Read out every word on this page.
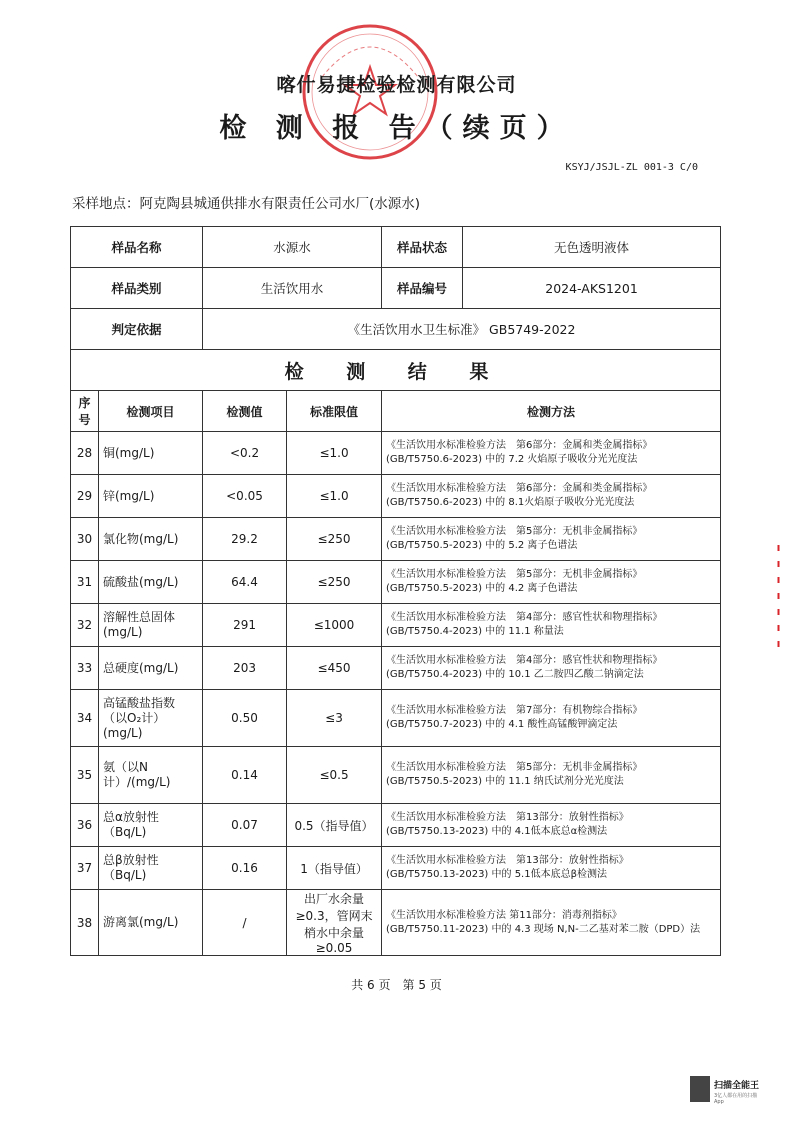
喀什易捷检验检测有限公司
检 测 报 告（续页）
KSYJ/JSJL-ZL 001-3 C/0
采样地点：阿克陶县城通供排水有限责任公司水厂(水源水)
样品名称		水源水		样品状态 无色透明液体

样品类别		生活饮用水		样品编号 2024-AKS1201

判定依据		《生活饮用水卫生标准》 GB5749-2022		
检 测 结 果				
序号	检测项目	检测值	标准限值	检测方法
28	铜(mg/L)	<0.2	≤1.0	《生活饮用水标准检验方法　第6部分：金属和类金属指标》
(GB/T5750.6-2023) 中的 7.2 火焰原子吸收分光光度法

29	锌(mg/L)	<0.05	≤1.0	《生活饮用水标准检验方法　第6部分：金属和类金属指标》
(GB/T5750.6-2023) 中的 8.1火焰原子吸收分光光度法

30	氯化物(mg/L)	29.2	≤250	《生活饮用水标准检验方法　第5部分：无机非金属指标》
(GB/T5750.5-2023) 中的 5.2 离子色谱法

31	硫酸盐(mg/L)	64.4	≤250	《生活饮用水标准检验方法　第5部分：无机非金属指标》
(GB/T5750.5-2023) 中的 4.2 离子色谱法

32	溶解性总固体(mg/L)	291	≤1000	《生活饮用水标准检验方法　第4部分：感官性状和物理指标》
(GB/T5750.4-2023) 中的 11.1 称量法

33	总硬度(mg/L)	203	≤450	《生活饮用水标准检验方法　第4部分：感官性状和物理指标》
(GB/T5750.4-2023) 中的 10.1 乙二胺四乙酸二钠滴定法

34	高锰酸盐指数（以O₂计）(mg/L)	0.50	≤3	《生活饮用水标准检验方法　第7部分：有机物综合指标》
(GB/T5750.7-2023) 中的 4.1 酸性高锰酸钾滴定法

35	氨（以N计）/(mg/L)	0.14	≤0.5	《生活饮用水标准检验方法　第5部分：无机非金属指标》
(GB/T5750.5-2023) 中的 11.1 纳氏试剂分光光度法

36	总α放射性（Bq/L)	0.07	0.5（指导值）	《生活饮用水标准检验方法　第13部分：放射性指标》
(GB/T5750.13-2023) 中的 4.1低本底总α检测法

37	总β放射性（Bq/L)	0.16	1（指导值）	《生活饮用水标准检验方法　第13部分：放射性指标》
(GB/T5750.13-2023) 中的 5.1低本底总β检测法

38	游离氯(mg/L)	/	出厂水余量≥0.3，管网末梢水中余量≥0.05	《生活饮用水标准检验方法 第11部分：消毒剂指标》
(GB/T5750.11-2023) 中的 4.3 现场 N,N-二乙基对苯二胺（DPD）法
共 6 页　第 5 页
扫描全能王
3亿人都在用的扫描App
